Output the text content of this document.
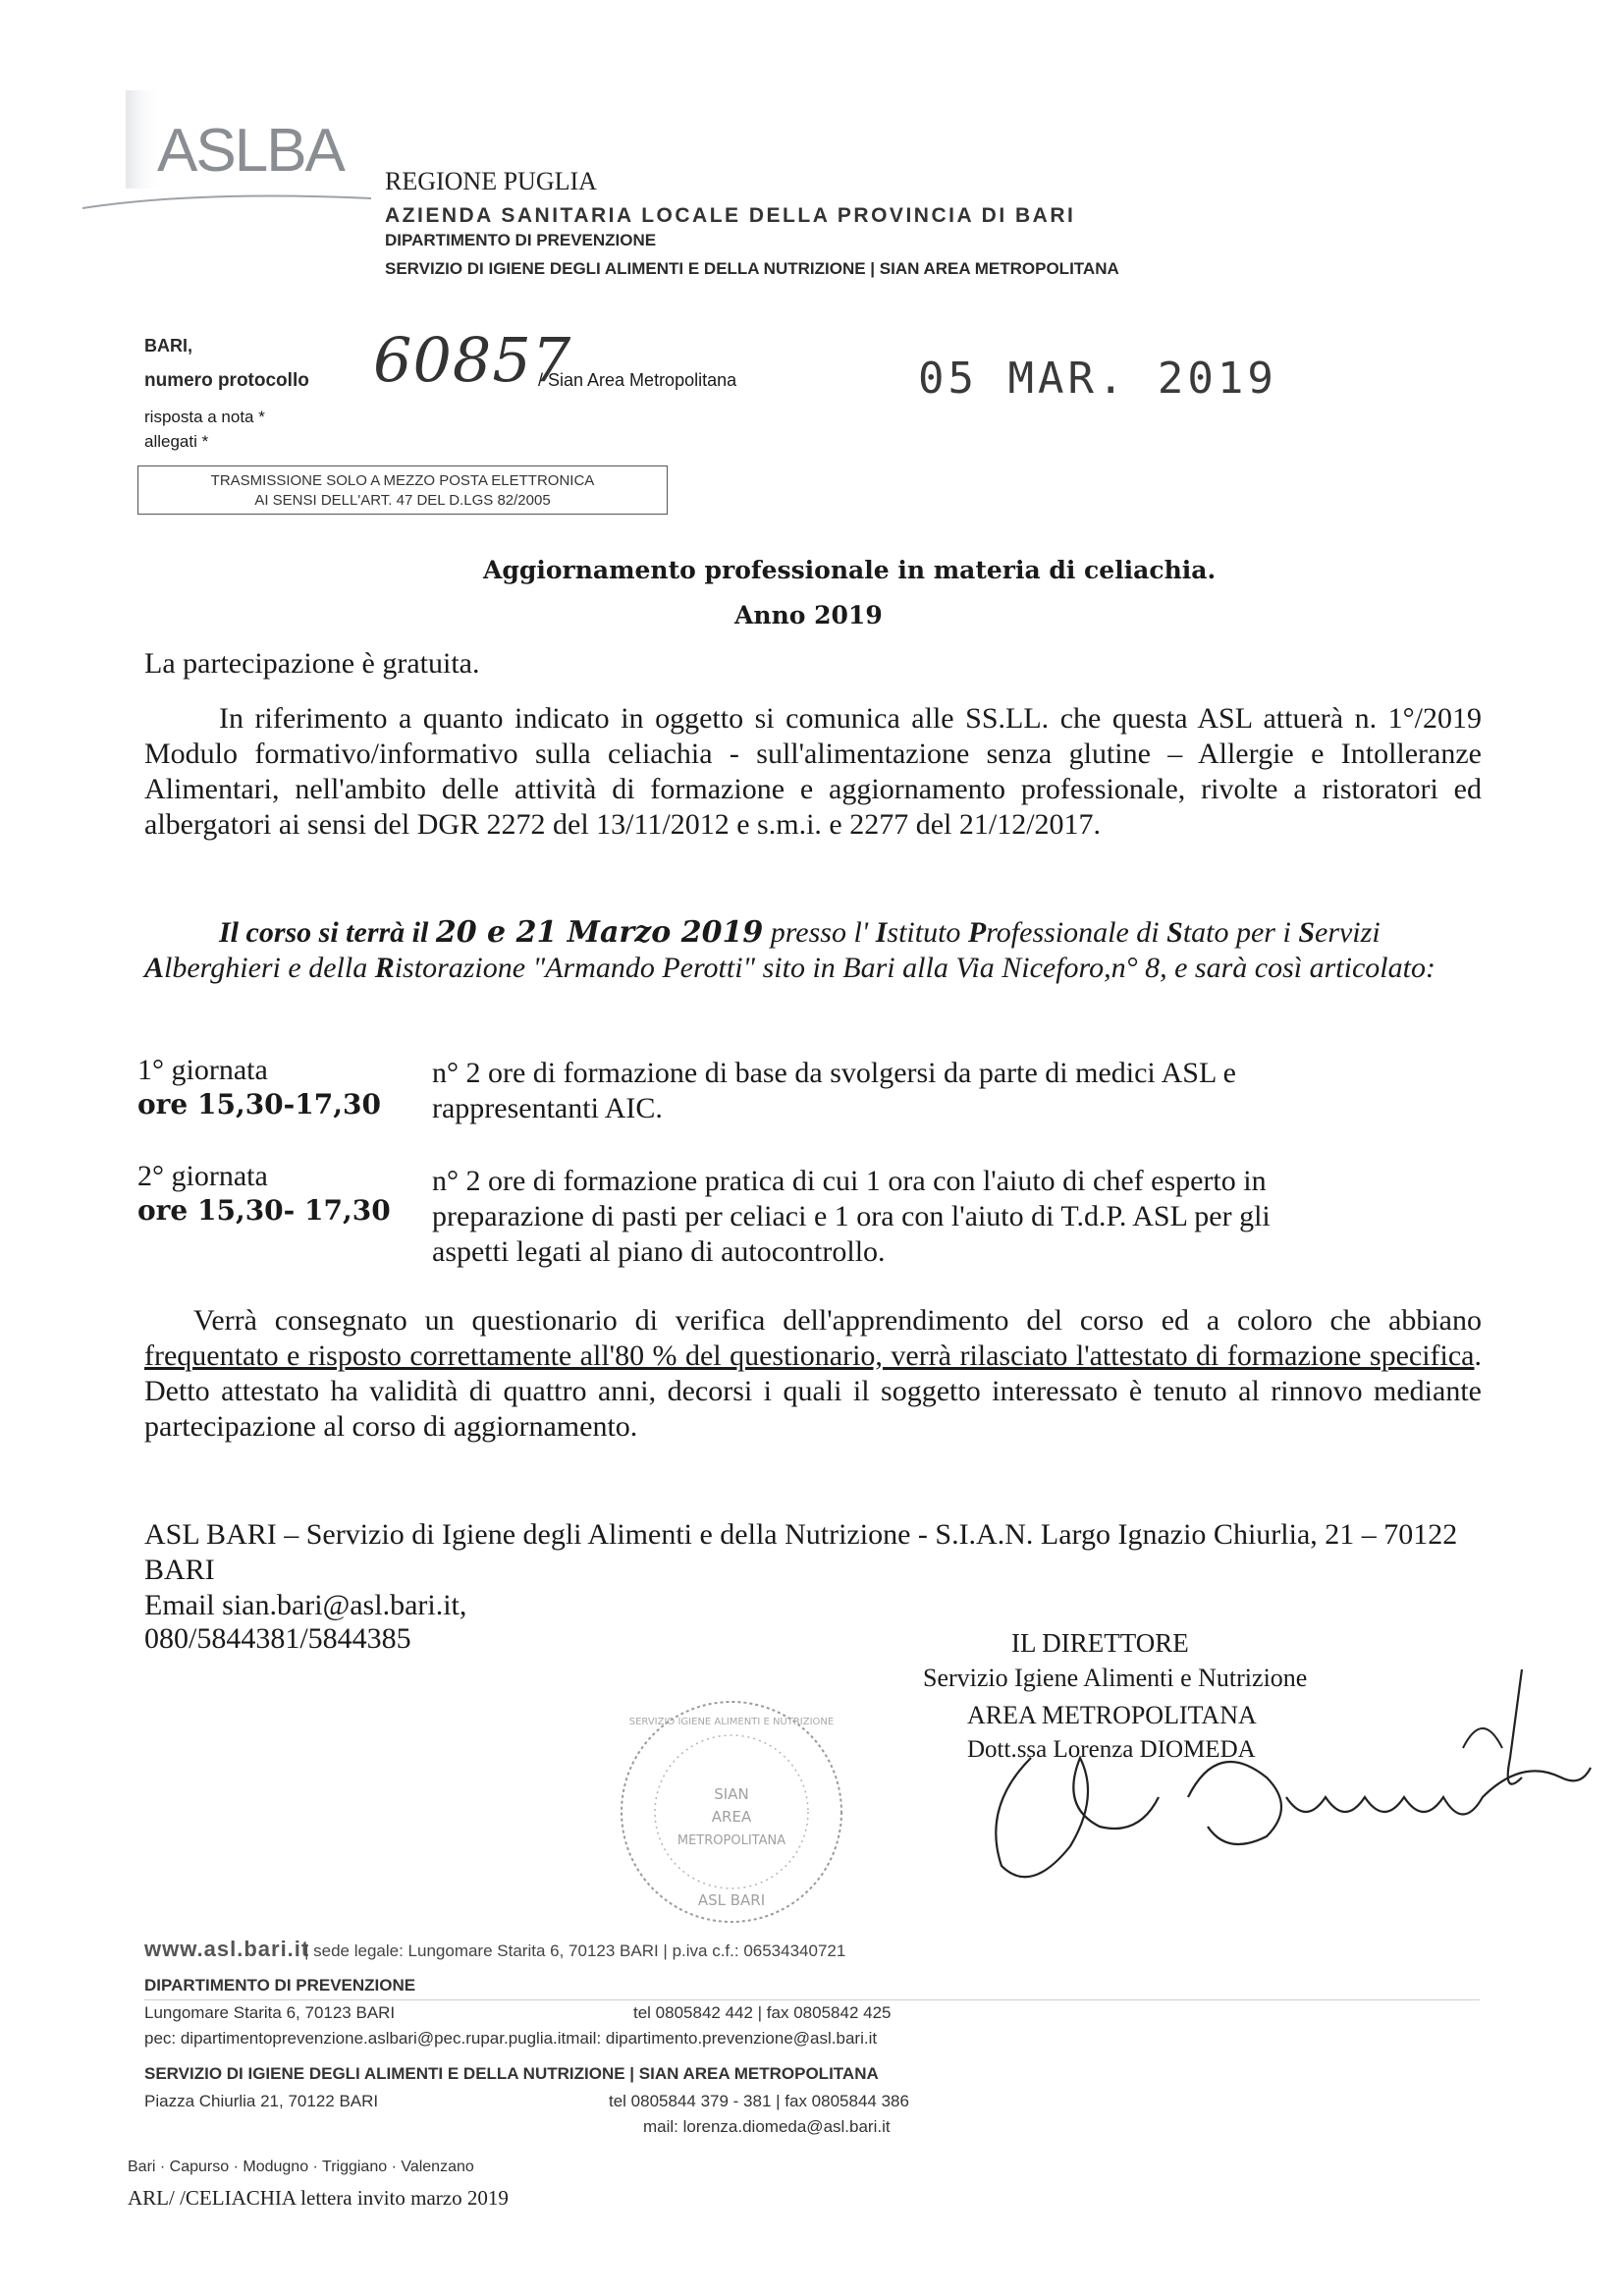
ASLBA REGIONE PUGLIA
AZIENDA SANITARIA LOCALE DELLA PROVINCIA DI BARI
DIPARTIMENTO DI PREVENZIONE
SERVIZIO DI IGIENE DEGLI ALIMENTI E DELLA NUTRIZIONE | SIAN AREA METROPOLITANA
BARI,
numero protocollo 60857
/ Sian Area Metropolitana	05 MAR. 2019
risposta a nota *
allegati *
TRASMISSIONE SOLO A MEZZO POSTA ELETTRONICA
AI SENSI DELL'ART. 47 DEL D.LGS 82/2005
Aggiornamento professionale in materia di celiachia.
Anno 2019
La partecipazione è gratuita.
In riferimento a quanto indicato in oggetto si comunica alle SS.LL. che questa ASL attuerà n. 1°/2019 Modulo formativo/informativo sulla celiachia - sull'alimentazione senza glutine – Allergie e Intolleranze Alimentari, nell'ambito delle attività di formazione e aggiornamento professionale, rivolte a ristoratori ed albergatori ai sensi del DGR 2272 del 13/11/2012 e s.m.i. e 2277 del 21/12/2017.
Il corso si terrà il 20 e 21 Marzo 2019 presso l' Istituto Professionale di Stato per i Servizi Alberghieri e della Ristorazione "Armando Perotti" sito in Bari alla Via Niceforo,n° 8, e sarà così articolato:
1° giornata
ore 15,30-17,30
n° 2 ore di formazione di base da svolgersi da parte di medici ASL e rappresentanti AIC.
2° giornata
ore 15,30- 17,30
n° 2 ore di formazione pratica di cui 1 ora con l'aiuto di chef esperto in preparazione di pasti per celiaci e 1 ora con l'aiuto di T.d.P. ASL per gli aspetti legati al piano di autocontrollo.
Verrà consegnato un questionario di verifica dell'apprendimento del corso ed a coloro che abbiano frequentato e risposto correttamente all'80 % del questionario, verrà rilasciato l'attestato di formazione specifica. Detto attestato ha validità di quattro anni, decorsi i quali il soggetto interessato è tenuto al rinnovo mediante partecipazione al corso di aggiornamento.
ASL BARI – Servizio di Igiene degli Alimenti e della Nutrizione - S.I.A.N. Largo Ignazio Chiurlia, 21 – 70122 BARI
Email sian.bari@asl.bari.it,
080/5844381/5844385
SIAN
AREA
METROPOLITANA
ASL BARI
SERVIZIO IGIENE ALIMENTI E NUTRIZIONE
IL DIRETTORE
Servizio Igiene Alimenti e Nutrizione
AREA METROPOLITANA
Dott.ssa Lorenza DIOMEDA
www.asl.bari.it
| sede legale: Lungomare Starita 6, 70123 BARI | p.iva c.f.: 06534340721
DIPARTIMENTO DI PREVENZIONE
Lungomare Starita 6, 70123 BARI	tel 0805842 442 | fax 0805842 425
pec: dipartimentoprevenzione.aslbari@pec.rupar.puglia.itmail: dipartimento.prevenzione@asl.bari.it
SERVIZIO DI IGIENE DEGLI ALIMENTI E DELLA NUTRIZIONE | SIAN AREA METROPOLITANA
Piazza Chiurlia 21, 70122 BARI	tel 0805844 379 - 381 | fax 0805844 386
mail: lorenza.diomeda@asl.bari.it
Bari · Capurso · Modugno · Triggiano · Valenzano
ARL/ /CELIACHIA lettera invito marzo 2019
